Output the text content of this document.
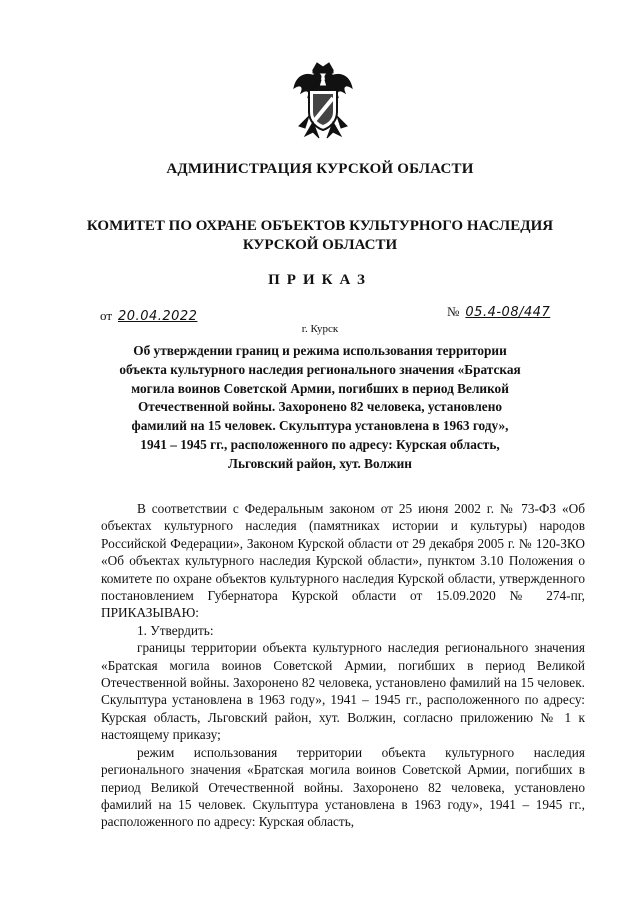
АДМИНИСТРАЦИЯ КУРСКОЙ ОБЛАСТИ
КОМИТЕТ ПО ОХРАНЕ ОБЪЕКТОВ КУЛЬТУРНОГО НАСЛЕДИЯ КУРСКОЙ ОБЛАСТИ
ПРИКАЗ
от 20.04.2022	№ 05.4-08/447
г. Курск
Об утверждении границ и режима использования территории объекта культурного наследия регионального значения «Братская могила воинов Советской Армии, погибших в период Великой Отечественной войны. Захоронено 82 человека, установлено фамилий на 15 человек. Скульптура установлена в 1963 году», 1941 – 1945 гг., расположенного по адресу: Курская область, Льговский район, хут. Волжин

В соответствии с Федеральным законом от 25 июня 2002 г. № 73-ФЗ «Об объектах культурного наследия (памятниках истории и культуры) народов Российской Федерации», Законом Курской области от 29 декабря 2005 г. № 120-ЗКО «Об объектах культурного наследия Курской области», пунктом 3.10 Положения о комитете по охране объектов культурного наследия Курской области, утвержденного постановлением Губернатора Курской области от 15.09.2020 № 274-пг, ПРИКАЗЫВАЮ:

1. Утвердить:

границы территории объекта культурного наследия регионального значения «Братская могила воинов Советской Армии, погибших в период Великой Отечественной войны. Захоронено 82 человека, установлено фамилий на 15 человек. Скульптура установлена в 1963 году», 1941 – 1945 гг., расположенного по адресу: Курская область, Льговский район, хут. Волжин, согласно приложению № 1 к настоящему приказу;

режим использования территории объекта культурного наследия регионального значения «Братская могила воинов Советской Армии, погибших в период Великой Отечественной войны. Захоронено 82 человека, установлено фамилий на 15 человек. Скульптура установлена в 1963 году», 1941 – 1945 гг., расположенного по адресу: Курская область,
